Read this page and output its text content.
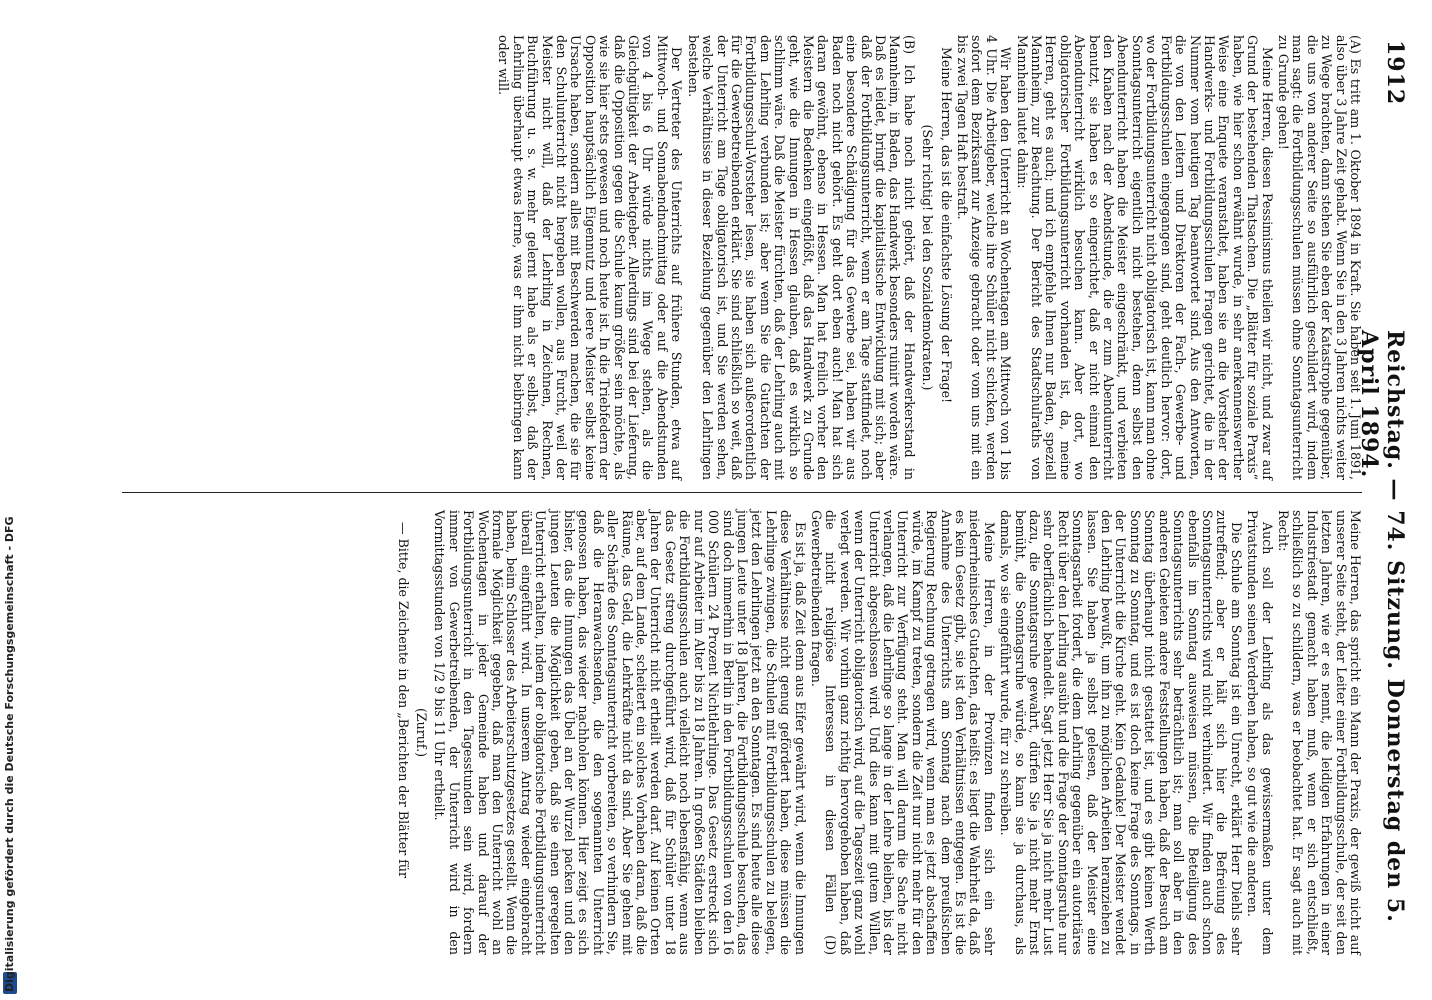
1912
Reichstag. — 74. Sitzung. Donnerstag den 5. April 1894.

(A) Es tritt am 1. Oktober 1894 in Kraft. Sie haben seit 1. Juni 1891, also über 3 Jahre Zeit gehabt. Wenn Sie in den 3 Jahren nichts weiter zu Wege brachten, dann stehen Sie eben der Katastrophe gegenüber, die uns von anderer Seite so ausführlich geschildert wird, indem man sagt: die Fortbildungsschulen müssen ohne Sonntagsunterricht zu Grunde gehen!

Meine Herren, diesen Pessimismus theilen wir nicht, und zwar auf Grund der bestehenden Thatsachen. Die „Blätter für soziale Praxis“ haben, wie hier schon erwähnt wurde, in sehr anerkennenswerther Weise eine Enquete veranstaltet, haben sie an die Vorsteher der Handwerks- und Fortbildungsschulen Fragen gerichtet, die in der Nummer vom heutigen Tag beantwortet sind. Aus den Antworten, die von den Leitern und Direktoren der Fach-, Gewerbe- und Fortbildungsschulen eingegangen sind, geht deutlich hervor: dort, wo der Fortbildungsunterricht nicht obligatorisch ist, kann man ohne Sonntagsunterricht eigentlich nicht bestehen, denn selbst den Abendunterricht haben die Meister eingeschränkt, und verbieten den Knaben nach der Abendstunde, die er zum Abendunterricht benutzt, sie haben es so eingerichtet, daß er nicht einmal den Abendunterricht wirklich besuchen kann. Aber dort, wo obligatorischer Fortbildungsunterricht vorhanden ist, da, meine Herren, geht es auch; und ich empfehle Ihnen nur Baden, speziell Mannheim, zur Beachtung. Der Bericht des Stadtschulraths von Mannheim lautet dahin:

Wir haben den Unterricht an Wochentagen am Mittwoch von 1 bis 4 Uhr. Die Arbeitgeber, welche ihre Schüler nicht schicken, werden sofort dem Bezirksamt zur Anzeige gebracht oder vom uns mit ein bis zwei Tagen Haft bestraft.

Meine Herren, das ist die einfachste Lösung der Frage!

(Sehr richtig! bei den Sozialdemokraten.)

(B) Ich habe noch nicht gehört, daß der Handwerkerstand in Mannheim, in Baden, das Handwerk besonders ruinirt worden wäre. Daß es leidet, bringt die kapitalistische Entwicklung mit sich; aber daß der Fortbildungsunterricht, wenn er am Tage stattfindet, noch eine besondere Schädigung für das Gewerbe sei, haben wir aus Baden noch nicht gehört. Es geht dort eben auch! Man hat sich daran gewöhnt, ebenso in Hessen. Man hat freilich vorher den Meistern die Bedenken eingeflößt, daß das Handwerk zu Grunde geht, wie die Innungen in Hessen glauben, daß es wirklich so schlimm wäre. Daß die Meister fürchten, daß der Lehrling auch mit dem Lehrling verbunden ist; aber wenn Sie die Gutachten der Fortbildungsschul-Vorsteher lesen, sie haben sich außerordentlich für die Gewerbetreibenden erklärt. Sie sind schließlich so weit, daß der Unterricht am Tage obligatorisch ist, und Sie werden sehen, welche Verhältnisse in dieser Beziehung gegenüber den Lehrlingen bestehen.

Der Vertreter des Unterrichts auf frühere Stunden, etwa auf Mittwoch- und Sonnabendnachmittag oder auf die Abendstunden von 4 bis 6 Uhr würde nichts im Wege stehen, als die Gleichgültigkeit der Arbeitgeber. Allerdings sind bei der Lieferung, daß die Opposition gegen die Schule kaum größer sein möchte, als wie sie hier stets gewesen und noch heute ist. In die Triebfedern der Opposition hauptsächlich Eigennutz und leere Meister selbst keine Ursache haben, sondern alles mit Beschwerden machen, die sie für den Schulunterricht nicht hergeben wollen, aus Furcht, weil der Meister nicht will, daß der Lehrling in Zeichnen, Rechnen, Buchführung u. s. w. mehr gelernt habe als er selbst, daß der Lehrling überhaupt etwas lerne, was er ihm nicht beibringen kann oder will.

Meine Herren, das spricht ein Mann der Praxis, der gewiß nicht auf unserer Seite steht, der Leiter einer Fortbildungsschule, der seit den letzten Jahren, wie er es nennt, die leidigen Erfahrungen in einer Industriestadt gemacht haben muß, wenn er sich entschließt, schließlich so zu schildern, was er beobachtet hat. Er sagt auch mit Recht:

Auch soll der Lehrling als das gewissermaßen unter dem Privatstunden seinen Verderben haben, so gut wie die anderen.

Die Schule am Sonntag ist ein Unrecht, erklärt Herr Diehls sehr zutreffend; aber er hält sich hier die Befreiung des Sonntagsunterrichts wird nicht verhindert. Wir finden auch schon ebenfalls im Sonntag ausweisen müssen, die Beteiligung des Sonntagsunterrichts sehr beträchtlich ist; man soll aber in den anderen Gebieten andere Feststellungen haben, daß der Besuch am Sonntag überhaupt nicht gestattet ist, und es gibt keinen Werth Sonntag zu Sonntag, und es ist doch keine Frage des Sonntags, in der Unterricht die Kirche geht. Kein Gedanke! Der Meister wendet den Lehrling bewußt, um ihn zu möglichen Arbeiten heranziehen zu lassen. Sie haben ja selbst gelesen, daß der Meister eine Sonntagsarbeit fordert, die dem Lehrling gegenüber ein autoritäres Recht über den Lehrling ausübt und die Frage der Sonntagsruhe nur sehr oberflächlich behandelt. Sagt jetzt Herr Sie ja nicht mehr Lust dazu, die Sonntagsruhe gewahrt, dürfen Sie ja nicht mehr Ernst bemüht, die Sonntagsruhe würde, so kann sie ja durchaus, als damals, wo sie eingeführt wurde, für zu schreiben.

Meine Herren, in der Provinzen finden sich ein sehr niederrheinisches Gutachten, das heißt: es liegt die Wahrheit da, daß es kein Gesetz gibt, sie ist den Verhältnissen entgegen. Es ist die Annahme des Unterrichts am Sonntag nach dem preußischen Regierung Rechnung getragen wird, wenn man es jetzt abschaffen würde, im Kampf zu treten, sondern die Zeit nur nicht mehr für den Unterricht zur Verfügung steht. Man will darum die Sache nicht verlangen, daß die Lehrlinge so lange in der Lehre bleiben, bis der Unterricht abgeschlossen wird. Und dies kann mit gutem Willen, wenn der Unterricht obligatorisch wird, auf die Tageszeit ganz wohl verlegt werden. Wir vorhin ganz richtig hervorgehoben haben, daß die nicht religiöse Interessen in diesen Fällen (D) Gewerbetreibenden fragen.

Es ist ja, daß Zeit denn aus Eifer gewährt wird, wenn die Innungen diese Verhältnisse nicht genug gefördert haben, diese müssen die Lehrlinge zwingen, die Schulen mit Fortbildungsschulen zu belegen, jetzt den Lehrlingen jetzt an den Sonntagen. Es sind heute alle diese jungen Leute unter 18 Jahren, die Fortbildungsschule besuchen, das sind doch immerhin in Berlin in den Fortbildungsschulen von den 16 000 Schülern 24 Prozent Nichtlehrlinge. Das Gesetz erstreckt sich nur auf Arbeiter im Alter bis zu 18 Jahren. In großen Städten bleiben die Fortbildungsschulen auch vielleicht noch lebensfähig, wenn aus das Gesetz streng durchgeführt wird, daß für Schüler unter 18 Jahren der Unterricht nicht ertheilt werden darf. Auf keinen Orten aber, auf dem Lande, scheitert ein solches Vorhaben daran, daß die Räume, das Geld, die Lehrkräfte nicht da sind. Aber Sie gehen mit aller Schärfe des Sonntagsunterricht vorbereiten, so verhindern Sie, daß die Heranwachsenden, die den sogenannten Unterricht genossen haben, das wieder nachholen können. Hier zeigt es sich bisher, das die Innungen das Übel an der Wurzel packen und den jungen Leuten die Möglichkeit geben, daß sie einen geregelten Unterricht erhalten, indem der obligatorische Fortbildungsunterricht überall eingeführt wird. In unserem Antrag wieder eingebracht haben, beim Schlosser des Arbeiterschutzgesetzes gestellt. Wenn die formale Möglichkeit gegeben, daß man den Unterricht wohl an Wochentagen in jeder Gemeinde haben und darauf der Fortbildungsunterricht in den Tagesstunden sein wird, fordern immer von Gewerbetreibenden, der Unterricht wird in den Vormittagsstunden von 1/2 9 bis 11 Uhr ertheilt.

(Zuruf.)

— Bitte, die Zeichente in den „Berichten der Blätter für

Digitalisierung gefördert durch die Deutsche Forschungsgemeinschaft - DFG
